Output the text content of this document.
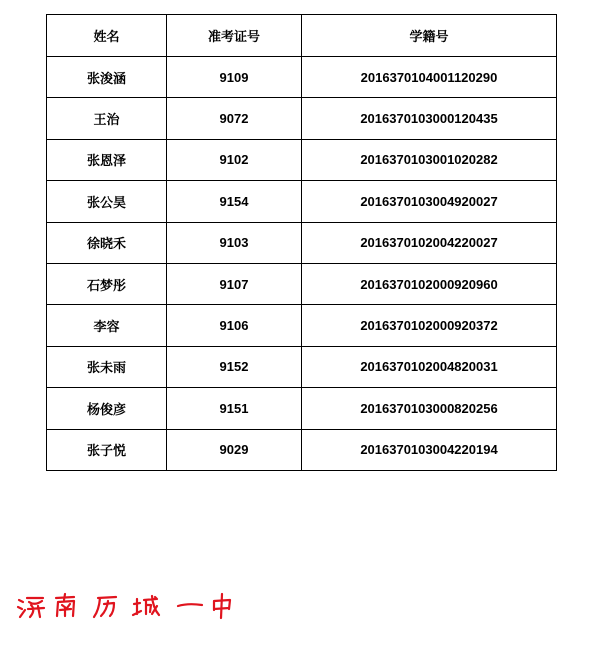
姓名	准考证号	学籍号
张浚涵	9109	2016370104001120290
王治	9072	2016370103000120435
张恩泽	9102	2016370103001020282
张公昊	9154	2016370103004920027
徐晓禾	9103	2016370102004220027
石梦彤	9107	2016370102000920960
李容	9106	2016370102000920372
张未雨	9152	2016370102004820031
杨俊彦	9151	2016370103000820256
张子悦	9029	2016370103004220194
